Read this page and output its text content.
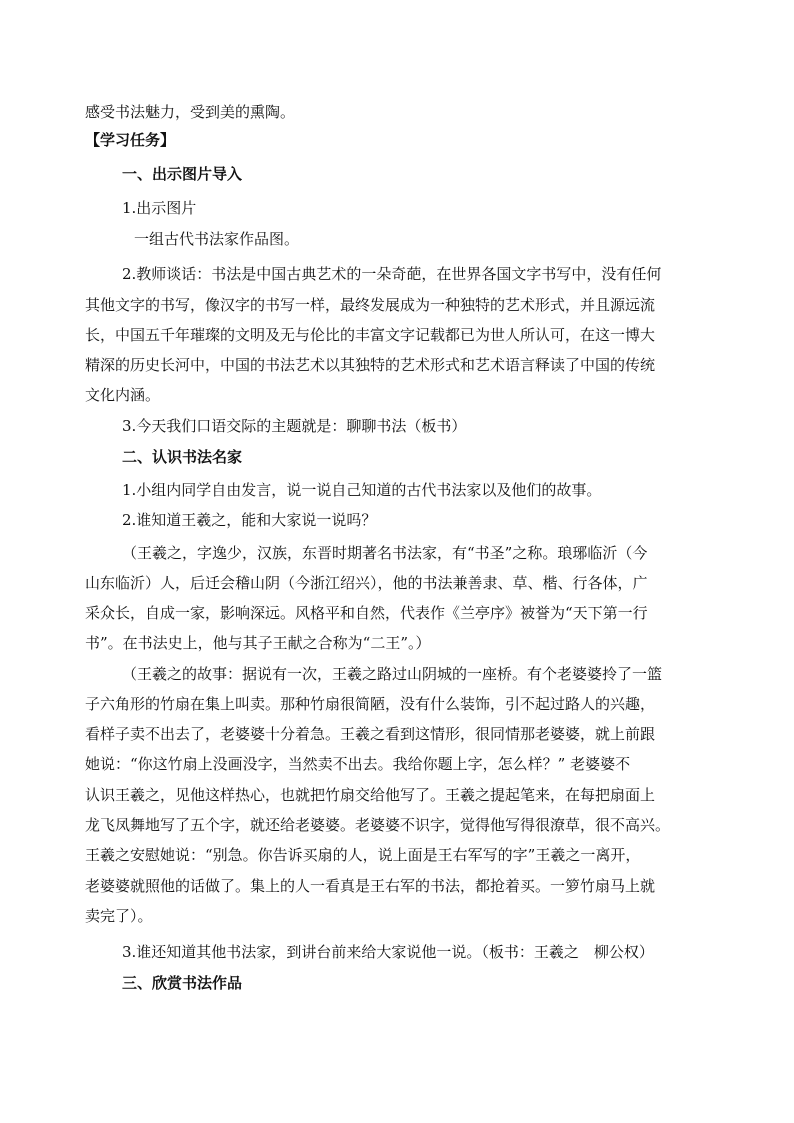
感受书法魅力，受到美的熏陶。

【学习任务】

一、出示图片导入

1.出示图片

一组古代书法家作品图。

2.教师谈话：书法是中国古典艺术的一朵奇葩，在世界各国文字书写中，没有任何

其他文字的书写，像汉字的书写一样，最终发展成为一种独特的艺术形式，并且源远流

长，中国五千年璀璨的文明及无与伦比的丰富文字记载都已为世人所认可，在这一博大

精深的历史长河中，中国的书法艺术以其独特的艺术形式和艺术语言释读了中国的传统

文化内涵。

3.今天我们口语交际的主题就是：聊聊书法（板书）

二、认识书法名家

1.小组内同学自由发言，说一说自己知道的古代书法家以及他们的故事。

2.谁知道王羲之，能和大家说一说吗？

（王羲之，字逸少，汉族，东晋时期著名书法家，有“书圣”之称。琅琊临沂（今

山东临沂）人，后迁会稽山阴（今浙江绍兴），他的书法兼善隶、草、楷、行各体，广

采众长，自成一家，影响深远。风格平和自然，代表作《兰亭序》被誉为“天下第一行

书”。在书法史上，他与其子王献之合称为“二王”。）

（王羲之的故事：据说有一次，王羲之路过山阴城的一座桥。有个老婆婆拎了一篮

子六角形的竹扇在集上叫卖。那种竹扇很简陋，没有什么装饰，引不起过路人的兴趣，

看样子卖不出去了，老婆婆十分着急。王羲之看到这情形，很同情那老婆婆，就上前跟

她说：“你这竹扇上没画没字，当然卖不出去。我给你题上字，怎么样？” 老婆婆不

认识王羲之，见他这样热心，也就把竹扇交给他写了。王羲之提起笔来，在每把扇面上

龙飞凤舞地写了五个字，就还给老婆婆。老婆婆不识字，觉得他写得很潦草，很不高兴。

王羲之安慰她说：“别急。你告诉买扇的人，说上面是王右军写的字”王羲之一离开，

老婆婆就照他的话做了。集上的人一看真是王右军的书法，都抢着买。一箩竹扇马上就

卖完了）。

3.谁还知道其他书法家，到讲台前来给大家说他一说。（板书：王羲之　柳公权）

三、欣赏书法作品
